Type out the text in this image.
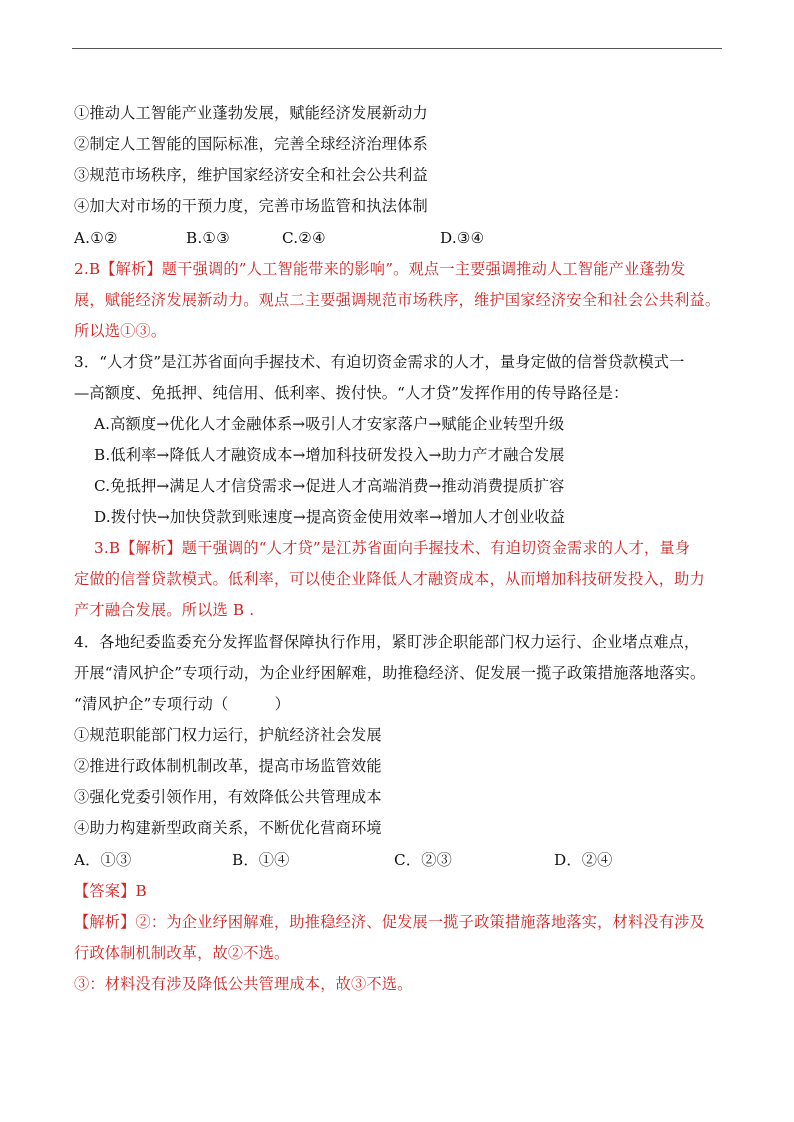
①推动人工智能产业蓬勃发展，赋能经济发展新动力
②制定人工智能的国际标准，完善全球经济治理体系
③规范市场秩序，维护国家经济安全和社会公共利益
④加大对市场的干预力度，完善市场监管和执法体制
A.①②	B.①③	C.②④	D.③④
2.B【解析】题干强调的”人工智能带来的影响”。观点一主要强调推动人工智能产业蓬勃发
展，赋能经济发展新动力。观点二主要强调规范市场秩序，维护国家经济安全和社会公共利益。
所以选①③。
3．“人才贷”是江苏省面向手握技术、有迫切资金需求的人才，量身定做的信誉贷款模式一
—高额度、免抵押、纯信用、低利率、拨付快。“人才贷”发挥作用的传导路径是：
A.高额度→优化人才金融体系→吸引人才安家落户→赋能企业转型升级
B.低利率→降低人才融资成本→增加科技研发投入→助力产才融合发展
C.免抵押→满足人才信贷需求→促进人才高端消费→推动消费提质扩容
D.拨付快→加快贷款到账速度→提高资金使用效率→增加人才创业收益
3.B【解析】题干强调的“人才贷”是江苏省面向手握技术、有迫切资金需求的人才，量身
定做的信誉贷款模式。低利率，可以使企业降低人才融资成本，从而增加科技研发投入，助力
产才融合发展。所以选 B .
4．各地纪委监委充分发挥监督保障执行作用，紧盯涉企职能部门权力运行、企业堵点难点，
开展“清风护企”专项行动，为企业纾困解难，助推稳经济、促发展一揽子政策措施落地落实。
“清风护企”专项行动（　　　）
①规范职能部门权力运行，护航经济社会发展
②推进行政体制机制改革，提高市场监管效能
③强化党委引领作用，有效降低公共管理成本
④助力构建新型政商关系，不断优化营商环境
A．①③	B．①④	C．②③	D．②④
【答案】B
【解析】②：为企业纾困解难，助推稳经济、促发展一揽子政策措施落地落实，材料没有涉及
行政体制机制改革，故②不选。
③：材料没有涉及降低公共管理成本，故③不选。
